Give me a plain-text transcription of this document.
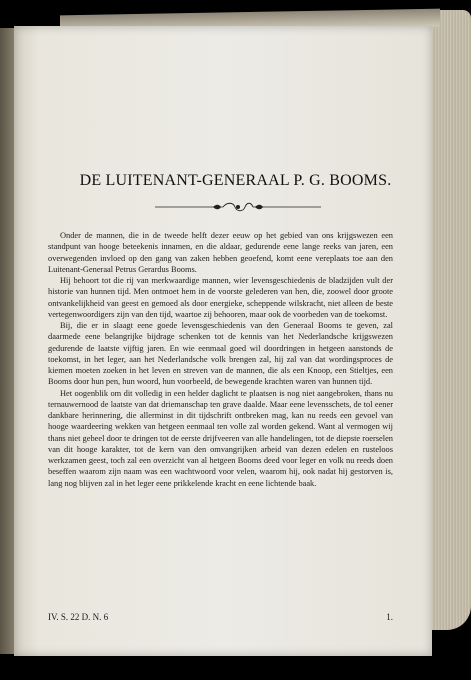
DE LUITENANT-GENERAAL P. G. BOOMS.

Onder de mannen, die in de tweede helft dezer eeuw op het gebied van ons krijgswezen een standpunt van hooge beteekenis innamen, en die aldaar, gedurende eene lange reeks van jaren, een overwegenden invloed op den gang van zaken hebben geoefend, komt eene vereplaats toe aan den Luitenant-Generaal Petrus Gerardus Booms.

Hij behoort tot die rij van merkwaardige mannen, wier levensgeschiedenis de bladzijden vult der historie van hunnen tijd. Men ontmoet hem in de voorste gelederen van hen, die, zoowel door groote ontvankelijkheid van geest en gemoed als door energieke, scheppende wilskracht, niet alleen de beste vertegenwoordigers zijn van den tijd, waartoe zij behooren, maar ook de voorbeden van de toekomst.

Bij, die er in slaagt eene goede levensgeschiedenis van den Generaal Booms te geven, zal daarmede eene belangrijke bijdrage schenken tot de kennis van het Nederlandsche krijgswezen gedurende de laatste vijftig jaren. En wie eenmaal goed wil doordringen in hetgeen aanstonds de toekomst, in het leger, aan het Nederlandsche volk brengen zal, hij zal van dat wordingsproces de kiemen moeten zoeken in het leven en streven van de mannen, die als een Knoop, een Stieltjes, een Booms door hun pen, hun woord, hun voorbeeld, de bewegende krachten waren van hunnen tijd.

Het oogenblik om dit volledig in een helder daglicht te plaatsen is nog niet aangebroken, thans nu ternauwernood de laatste van dat driemanschap ten grave daalde. Maar eene levensschets, de tol eener dankbare herinnering, die allerminst in dit tijdschrift ontbreken mag, kan nu reeds een gevoel van hooge waardeering wekken van hetgeen eenmaal ten volle zal worden gekend. Want al vermogen wij thans niet gebeel door te dringen tot de eerste drijfveeren van alle handelingen, tot de diepste roerselen van dit hooge karakter, tot de kern van den omvangrijken arbeid van dezen edelen en rusteloos werkzamen geest, toch zal een overzicht van al hetgeen Booms deed voor leger en volk nu reeds doen beseffen waarom zijn naam was een wachtwoord voor velen, waarom hij, ook nadat hij gestorven is, lang nog blijven zal in het leger eene prikkelende kracht en eene lichtende baak.

IV. S. 22 D. N. 6	1.
